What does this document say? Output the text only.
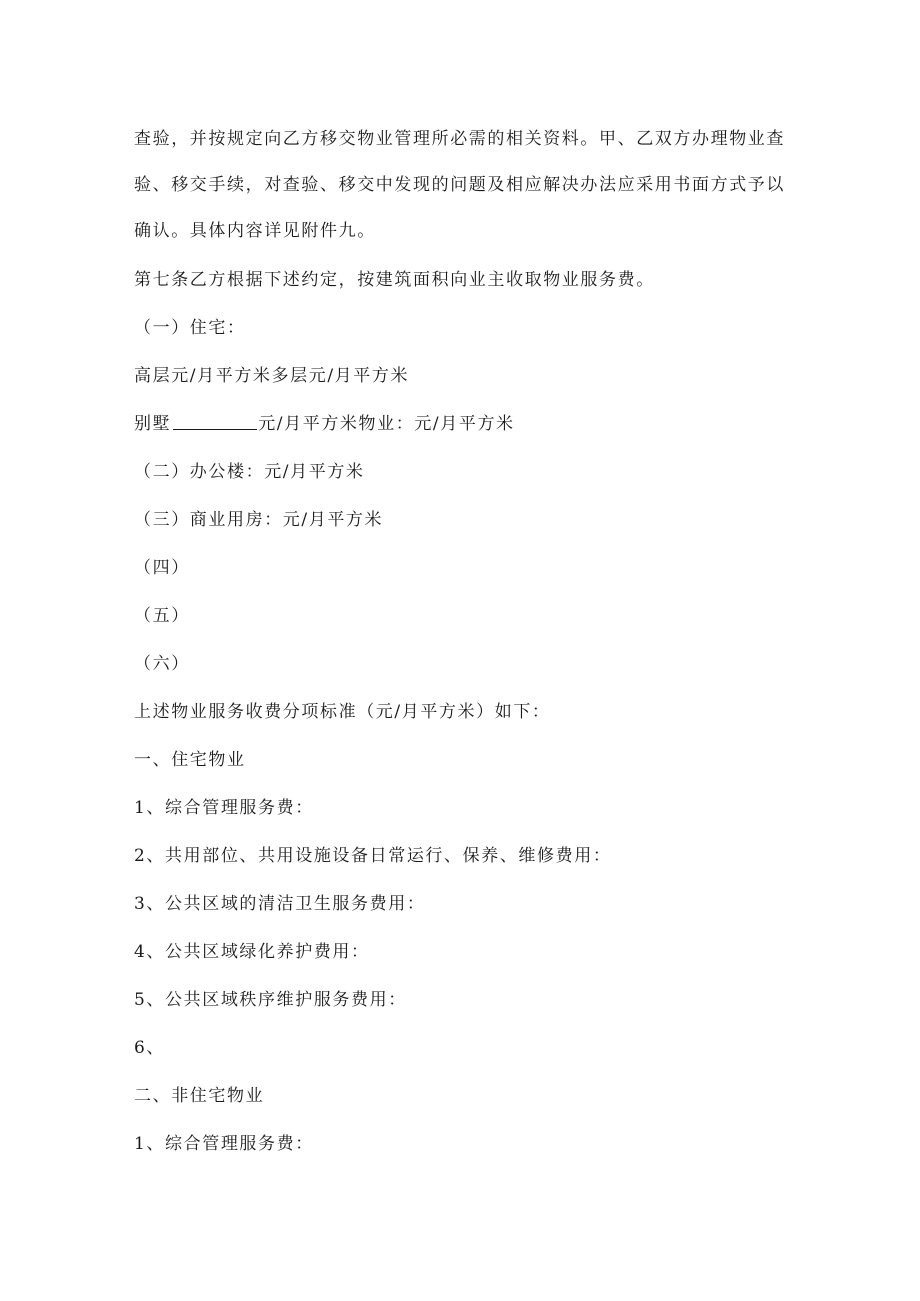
查验，并按规定向乙方移交物业管理所必需的相关资料。甲、乙双方办理物业查
验、移交手续，对查验、移交中发现的问题及相应解决办法应采用书面方式予以
确认。具体内容详见附件九。

第七条乙方根据下述约定，按建筑面积向业主收取物业服务费。
（一）住宅：
高层元/月平方米多层元/月平方米
别墅	元/月平方米物业：元/月平方米
（二）办公楼：元/月平方米
（三）商业用房：元/月平方米
（四）
（五）
（六）
上述物业服务收费分项标准（元/月平方米）如下：
一、住宅物业
1、综合管理服务费：
2、共用部位、共用设施设备日常运行、保养、维修费用：
3、公共区域的清洁卫生服务费用：
4、公共区域绿化养护费用：
5、公共区域秩序维护服务费用：
6、
二、非住宅物业
1、综合管理服务费：
